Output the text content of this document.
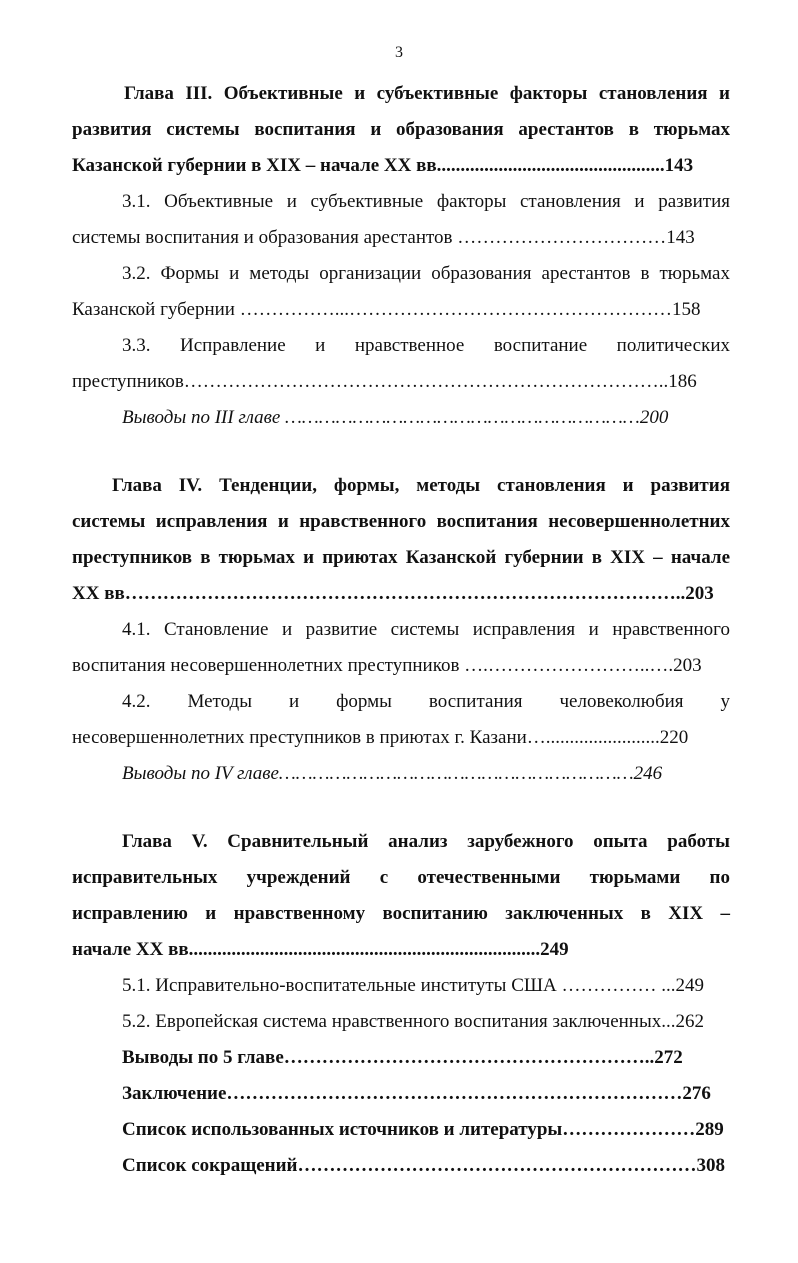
3
Глава III. Объективные и субъективные факторы становления и
развития системы воспитания и образования арестантов в тюрьмах
Казанской губернии в XIX – начале XX вв................................................143
3.1. Объективные и субъективные факторы становления и развития
системы воспитания и образования арестантов ……………………………143
3.2. Формы и методы организации образования арестантов в тюрьмах
Казанской губернии ……………...……………………………………………158
3.3. Исправление и нравственное воспитание политических
преступников…………………………………………………………………..186
Выводы по III главе ………………………………………………………200
Глава IV. Тенденции, формы, методы становления и развития
системы исправления и нравственного воспитания несовершеннолетних
преступников в тюрьмах и приютах Казанской губернии в XIX – начале
XX вв……………………………………………………………………………..203
4.1. Становление и развитие системы исправления и нравственного
воспитания несовершеннолетних преступников ….……………………..….203
4.2. Методы и формы воспитания человеколюбия у
несовершеннолетних преступников в приютах г. Казани…........................220
Выводы по IV главе………………………………………………………246
Глава V. Сравнительный анализ зарубежного опыта работы
исправительных учреждений с отечественными тюрьмами по
исправлению и нравственному воспитанию заключенных в XIX –
начале XX вв..........................................................................249
5.1. Исправительно-воспитательные институты США …………… ...249
5.2. Европейская система нравственного воспитания заключенных...262
Выводы по 5 главе…………………………………………………..272
Заключение………………………………………………………………276
Список использованных источников и литературы…………………289
Список сокращений………………………………………………………308
